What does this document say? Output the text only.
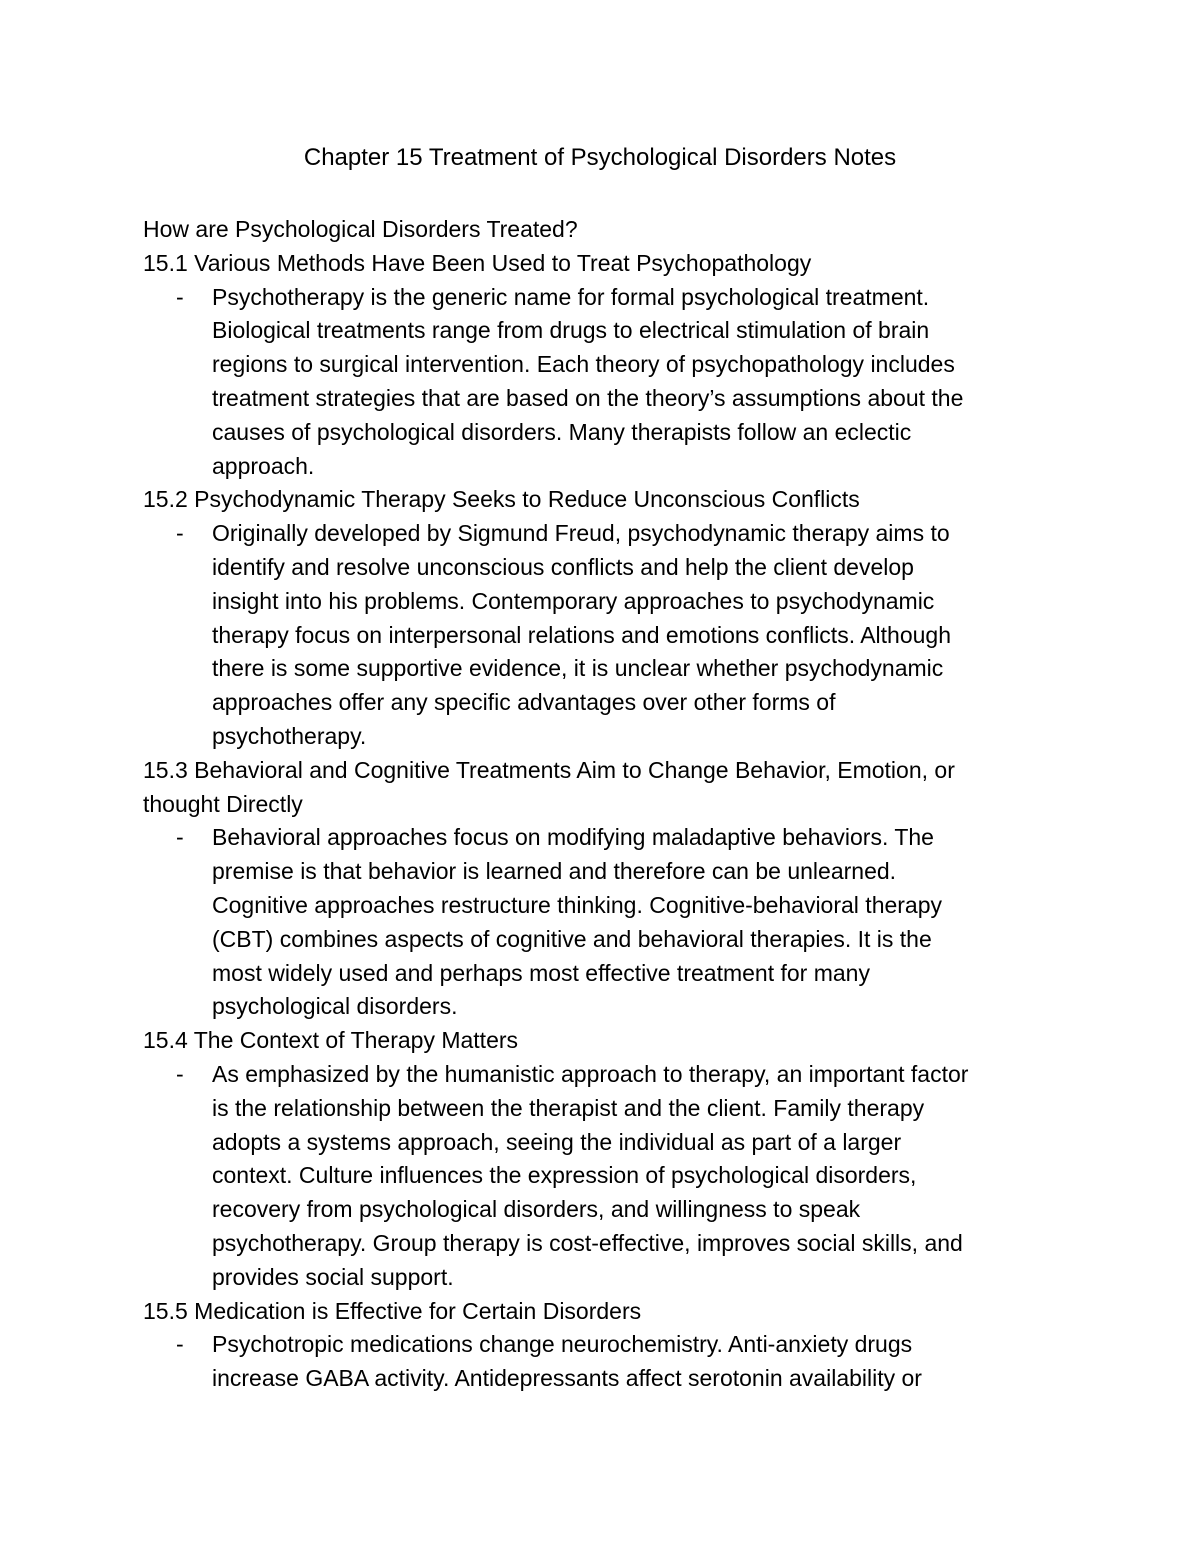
Chapter 15 Treatment of Psychological Disorders Notes

How are Psychological Disorders Treated?

15.1 Various Methods Have Been Used to Treat Psychopathology

- Psychotherapy is the generic name for formal psychological treatment.
Biological treatments range from drugs to electrical stimulation of brain
regions to surgical intervention. Each theory of psychopathology includes
treatment strategies that are based on the theory’s assumptions about the
causes of psychological disorders. Many therapists follow an eclectic
approach.

15.2 Psychodynamic Therapy Seeks to Reduce Unconscious Conflicts

- Originally developed by Sigmund Freud, psychodynamic therapy aims to
identify and resolve unconscious conflicts and help the client develop
insight into his problems. Contemporary approaches to psychodynamic
therapy focus on interpersonal relations and emotions conflicts. Although
there is some supportive evidence, it is unclear whether psychodynamic
approaches offer any specific advantages over other forms of
psychotherapy.

15.3 Behavioral and Cognitive Treatments Aim to Change Behavior, Emotion, or

thought Directly

- Behavioral approaches focus on modifying maladaptive behaviors. The
premise is that behavior is learned and therefore can be unlearned.
Cognitive approaches restructure thinking. Cognitive-behavioral therapy
(CBT) combines aspects of cognitive and behavioral therapies. It is the
most widely used and perhaps most effective treatment for many
psychological disorders.

15.4 The Context of Therapy Matters

- As emphasized by the humanistic approach to therapy, an important factor
is the relationship between the therapist and the client. Family therapy
adopts a systems approach, seeing the individual as part of a larger
context. Culture influences the expression of psychological disorders,
recovery from psychological disorders, and willingness to speak
psychotherapy. Group therapy is cost-effective, improves social skills, and
provides social support.

15.5 Medication is Effective for Certain Disorders

- Psychotropic medications change neurochemistry. Anti-anxiety drugs
increase GABA activity. Antidepressants affect serotonin availability or
